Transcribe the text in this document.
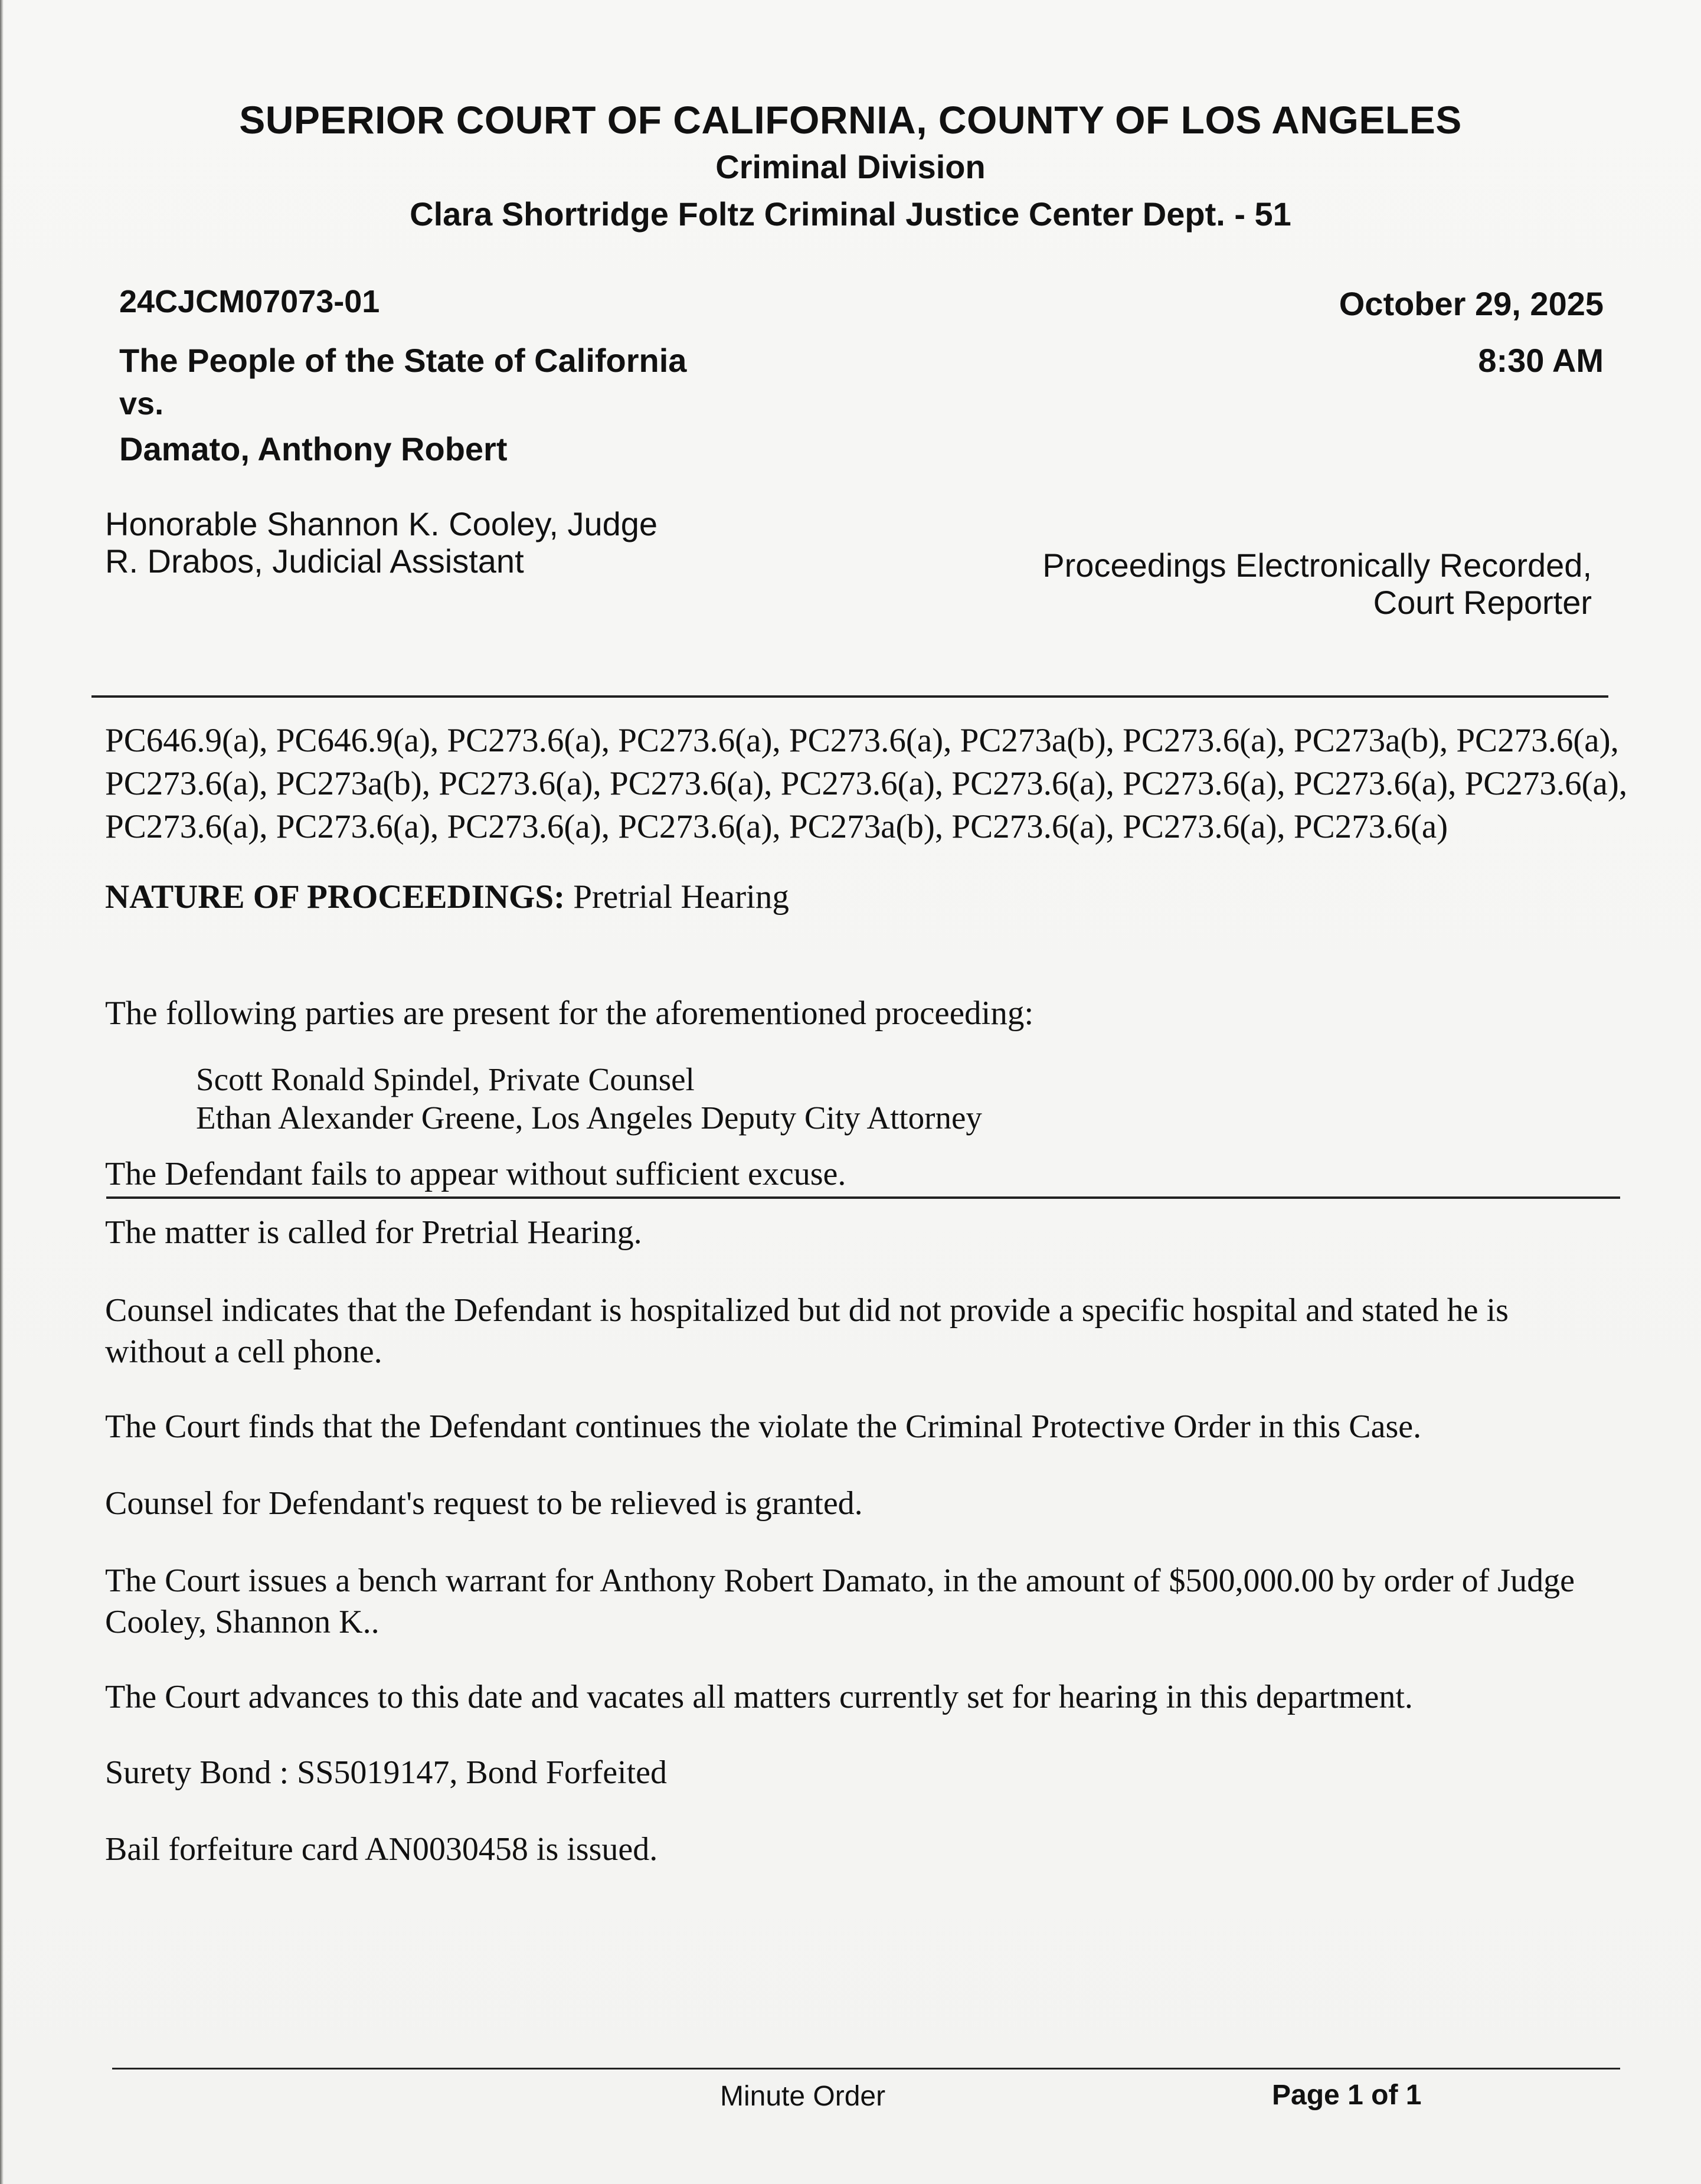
SUPERIOR COURT OF CALIFORNIA, COUNTY OF LOS ANGELES
Criminal Division
Clara Shortridge Foltz Criminal Justice Center Dept. - 51
24CJCM07073-01
The People of the State of California
vs.
Damato, Anthony Robert
October 29, 2025
8:30 AM
Honorable Shannon K. Cooley, Judge
R. Drabos, Judicial Assistant	Proceedings Electronically Recorded,
Court Reporter
PC646.9(a), PC646.9(a), PC273.6(a), PC273.6(a), PC273.6(a), PC273a(b), PC273.6(a), PC273a(b), PC273.6(a), PC273.6(a), PC273a(b), PC273.6(a), PC273.6(a), PC273.6(a), PC273.6(a), PC273.6(a), PC273.6(a), PC273.6(a), PC273.6(a), PC273.6(a), PC273.6(a), PC273.6(a), PC273a(b), PC273.6(a), PC273.6(a), PC273.6(a)
NATURE OF PROCEEDINGS: Pretrial Hearing
The following parties are present for the aforementioned proceeding:
Scott Ronald Spindel, Private Counsel
Ethan Alexander Greene, Los Angeles Deputy City Attorney
The Defendant fails to appear without sufficient excuse.
The matter is called for Pretrial Hearing.
Counsel indicates that the Defendant is hospitalized but did not provide a specific hospital and stated he is
without a cell phone.
The Court finds that the Defendant continues the violate the Criminal Protective Order in this Case.
Counsel for Defendant's request to be relieved is granted.
The Court issues a bench warrant for Anthony Robert Damato, in the amount of $500,000.00 by order of Judge
Cooley, Shannon K..
The Court advances to this date and vacates all matters currently set for hearing in this department.
Surety Bond : SS5019147, Bond Forfeited
Bail forfeiture card AN0030458 is issued.
Minute Order	Page 1 of 1
